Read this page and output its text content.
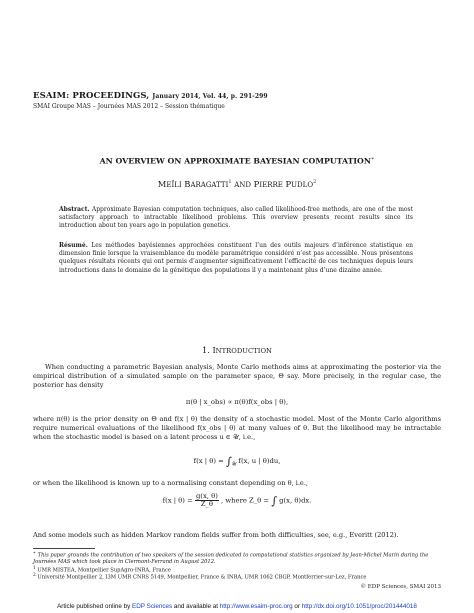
ESAIM: PROCEEDINGS, January 2014, Vol. 44, p. 291-299
SMAI Groupe MAS – Journées MAS 2012 – Session thématique
AN OVERVIEW ON APPROXIMATE BAYESIAN COMPUTATION∗
MEÏLI BARAGATTI$^1$ AND PIERRE PUDLO$^2$
Abstract. Approximate Bayesian computation techniques, also called likelihood-free methods, are one of the most satisfactory approach to intractable likelihood problems. This overview presents recent results since its introduction about ten years ago in population genetics.
Résumé. Les méthodes bayésiennes approchées constituent l’un des outils majeurs d’inférence statistique en dimension finie lorsque la vraisemblance du modèle paramétrique considéré n’est pas accessible. Nous présentons quelques résultats récents qui ont permis d’augmenter significativement l’efficacité de ces techniques depuis leurs introductions dans le domaine de la génétique des populations il y a maintenant plus d’une dizaine année.
1. INTRODUCTION
When conducting a parametric Bayesian analysis, Monte Carlo methods aims at approximating the posterior via the empirical distribution of a simulated sample on the parameter space, Θ say. More precisely, in the regular case, the posterior has density
π(θ | x_obs) ∝ π(θ)f(x_obs | θ),
where π(θ) is the prior density on Θ and f(x | θ) the density of a stochastic model. Most of the Monte Carlo algorithms require numerical evaluations of the likelihood f(x_obs | θ) at many values of θ. But the likelihood may be intractable when the stochastic model is based on a latent process u ∈ 𝒰, i.e.,
f(x | $\theta) = \int_𝒰$ f(x, u | θ)du,
or when the likelihood is known up to a normalising constant depending on θ, i.e.,
f(x | $\theta) = \frac{g(x, \theta)}{Z\_\theta}$ , where Z_θ = ∫ g(x, θ)dx.
And some models such as hidden Markov random fields suffer from both difficulties, see, e.g., Everitt (2012).
∗ This paper grounds the contribution of two speakers of the session dedicated to computational statistics organized by Jean-Michel Marin during the Journées MAS which took place in Clermont-Ferrand in August 2012.
$^1$ UMR MISTEA, Montpellier SupAgro-INRA, France
$^2$ Université Montpellier 2, I3M UMR CNRS 5149, Montpellier, France & INRA, UMR 1062 CBGP, Montferrier-sur-Lez, France
© EDP Sciences, SMAI 2013
Article published online by EDP Sciences and available at http://www.esaim-proc.org or http://dx.doi.org/10.1051/proc/201444018
